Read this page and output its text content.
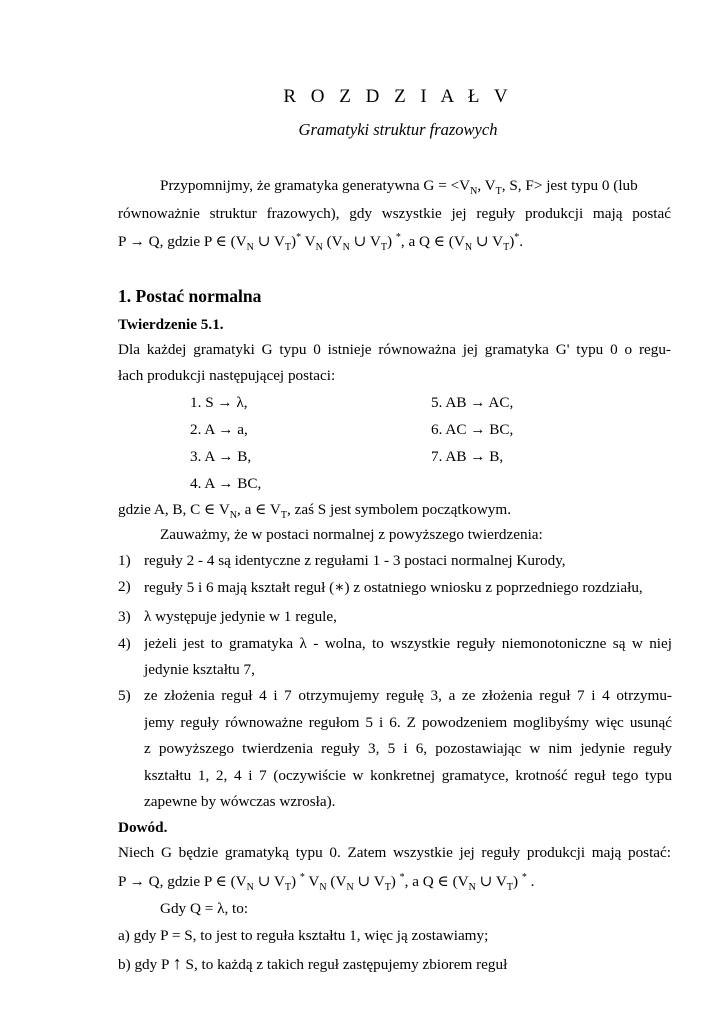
R O Z D Z I A Ł V
Gramatyki struktur frazowych
Przypomnijmy, że gramatyka generatywna $G = <V_N$, $V_T$, S, F> jest typu 0 (lub
równoważnie struktur frazowych), gdy wszystkie jej reguły produkcji mają postać
P → Q, gdzie P ∈ ($V_N$ ∪ $V_T)^*$ $V_N$ ($V_N$ ∪ $V_T$) *, a Q ∈ ($V_N$ ∪ $V_T)^*$.
1. Postać normalna
Twierdzenie 5.1.
Dla każdej gramatyki G typu 0 istnieje równoważna jej gramatyka G' typu 0 o regu-
łach produkcji następującej postaci:
1. S → λ,
2. A → a,
3. A → B,
4. A → BC,
5. AB → AC,
6. AC → BC,
7. AB → B,
gdzie A, B, C ∈ $V_N$, a ∈ $V_T$, zaś S jest symbolem początkowym.
Zauważmy, że w postaci normalnej z powyższego twierdzenia:
1) reguły 2 - 4 są identyczne z regułami 1 - 3 postaci normalnej Kurody,
2) reguły 5 i 6 mają kształt reguł (∗) z ostatniego wniosku z poprzedniego rozdziału,
3) λ występuje jedynie w 1 regule,
4) jeżeli jest to gramatyka λ - wolna, to wszystkie reguły niemonotoniczne są w niej
jedynie kształtu 7,
5) ze złożenia reguł 4 i 7 otrzymujemy regułę 3, a ze złożenia reguł 7 i 4 otrzymu-
jemy reguły równoważne regułom 5 i 6. Z powodzeniem moglibyśmy więc usunąć
z powyższego twierdzenia reguły 3, 5 i 6, pozostawiając w nim jedynie reguły
kształtu 1, 2, 4 i 7 (oczywiście w konkretnej gramatyce, krotność reguł tego typu
zapewne by wówczas wzrosła).
Dowód.
Niech G będzie gramatyką typu 0. Zatem wszystkie jej reguły produkcji mają postać:
P → Q, gdzie P ∈ ($V_N$ ∪ $V_T$) * $V_N$ ($V_N$ ∪ $V_T$) *, a Q ∈ ($V_N$ ∪ $V_T$) * .
Gdy Q = λ, to:
a) gdy P = S, to jest to reguła kształtu 1, więc ją zostawiamy;
b) gdy P ↑ S, to każdą z takich reguł zastępujemy zbiorem reguł
